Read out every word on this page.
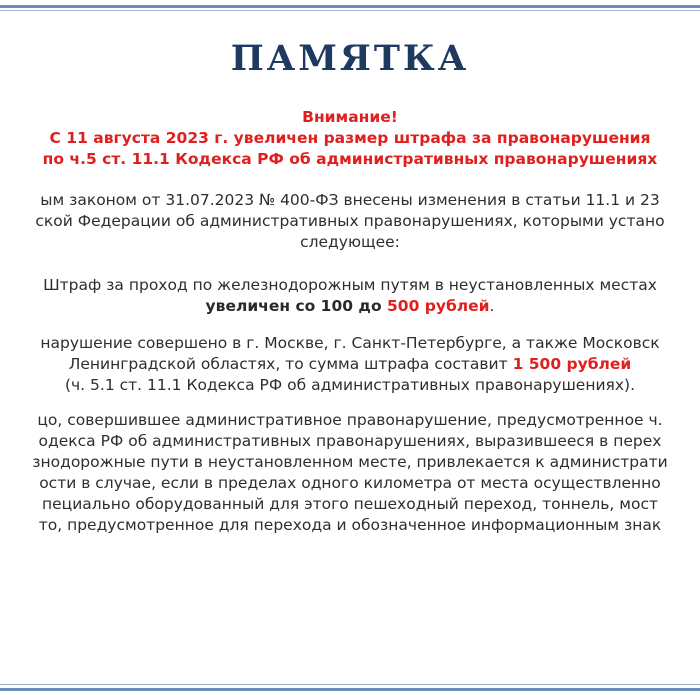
ПАМЯТКА

Внимание!

С 11 августа 2023 г. увеличен размер штрафа за правонарушения

по ч.5 ст. 11.1 Кодекса РФ об административных правонарушениях

ым законом от 31.07.2023 № 400-ФЗ внесены изменения в статьи 11.1 и 23

ской Федерации об административных правонарушениях, которыми устано

следующее:

Штраф за проход по железнодорожным путям в неустановленных местах

увеличен со 100 до 500 рублей.

нарушение совершено в г. Москве, г. Санкт-Петербурге, а также Московск

Ленинградской областях, то сумма штрафа составит 1 500 рублей

(ч. 5.1 ст. 11.1 Кодекса РФ об административных правонарушениях).

цо, совершившее административное правонарушение, предусмотренное ч.

одекса РФ об административных правонарушениях, выразившееся в перех

знодорожные пути в неустановленном месте, привлекается к администрати

ости в случае, если в пределах одного километра от места осуществленно

пециально оборудованный для этого пешеходный переход, тоннель, мост

то, предусмотренное для перехода и обозначенное информационным знак
